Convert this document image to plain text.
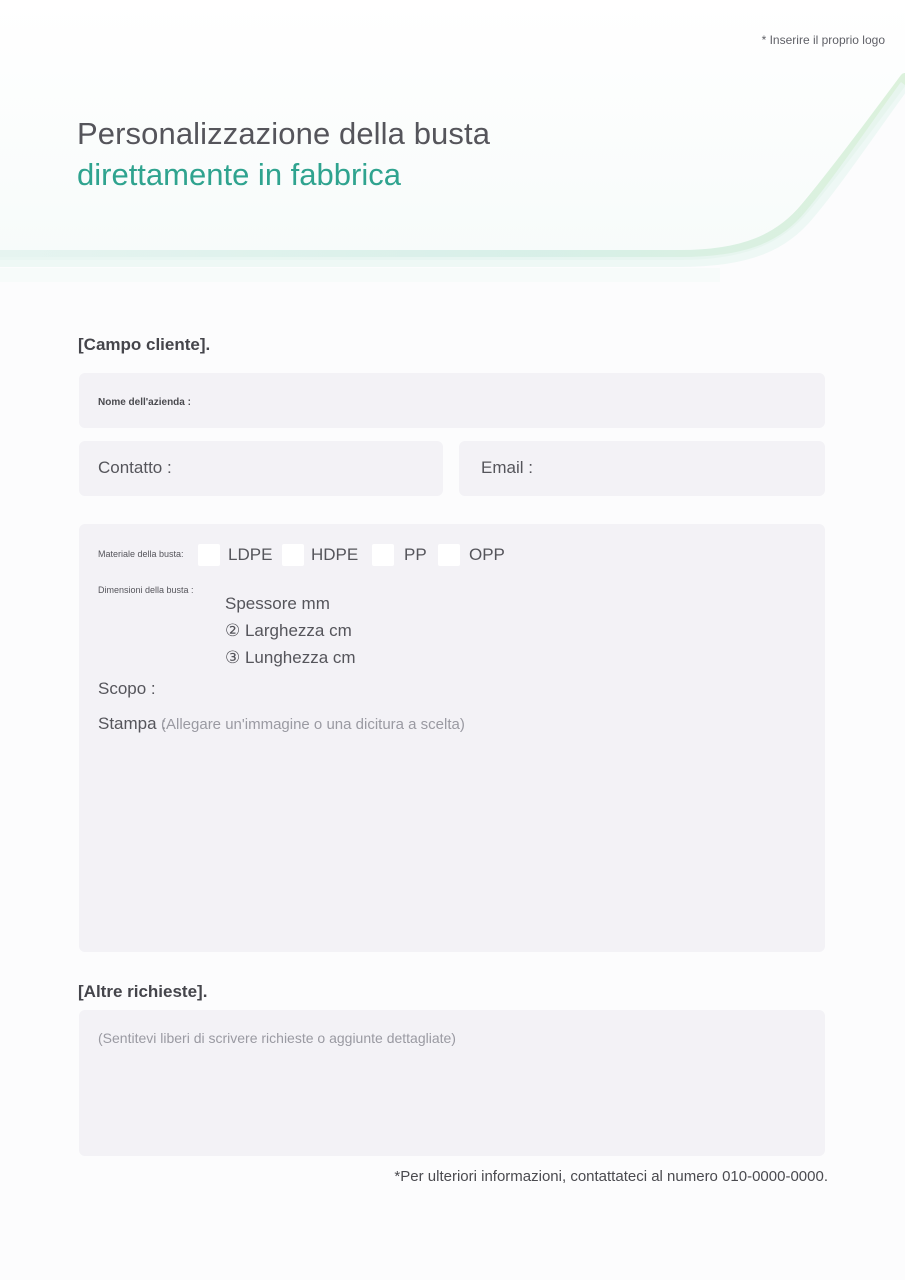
* Inserire il proprio logo
Personalizzazione della busta
direttamente in fabbrica
[Campo cliente].
Nome dell'azienda :
Contatto :	Email :
Materiale della busta:	LDPE HDPE	PP OPP
Dimensioni della busta :
Spessore mm
② Larghezza cm
③ Lunghezza cm
Scopo :
Stampa :
(Allegare un'immagine o una dicitura a scelta)
[Altre richieste].
(Sentitevi liberi di scrivere richieste o aggiunte dettagliate)
*Per ulteriori informazioni, contattateci al numero 010-0000-0000.
